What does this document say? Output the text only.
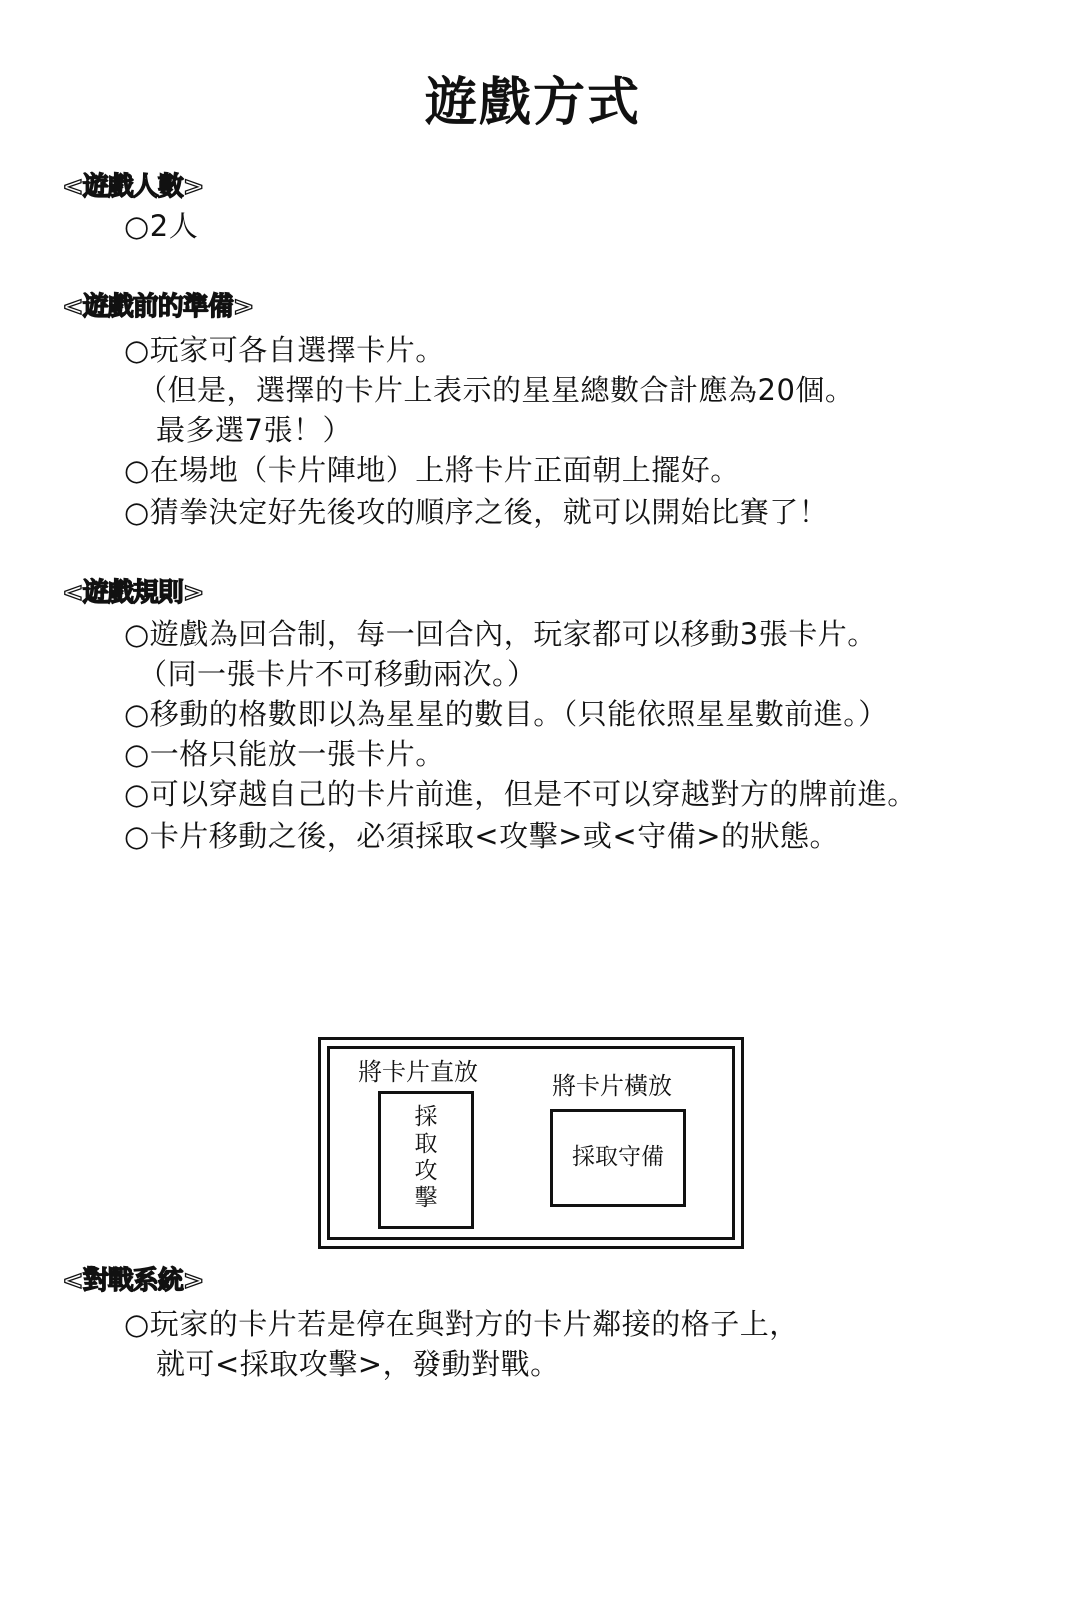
遊戲方式
<遊戲人數>
○2人
<遊戲前的準備>
○玩家可各自選擇卡片。
（但是，選擇的卡片上表示的星星總數合計應為20個。
最多選7張！）
○在場地（卡片陣地）上將卡片正面朝上擺好。
○猜拳決定好先後攻的順序之後，就可以開始比賽了！
<遊戲規則>
○遊戲為回合制，每一回合內，玩家都可以移動3張卡片。
（同一張卡片不可移動兩次。）
○移動的格數即以為星星的數目。（只能依照星星數前進。）
○一格只能放一張卡片。
○可以穿越自己的卡片前進，但是不可以穿越對方的牌前進。
○卡片移動之後，必須採取<攻擊>或<守備>的狀態。
將卡片直放
採取攻擊
將卡片橫放
採取守備
<對戰系統>
○玩家的卡片若是停在與對方的卡片鄰接的格子上，
就可<採取攻擊>，發動對戰。
